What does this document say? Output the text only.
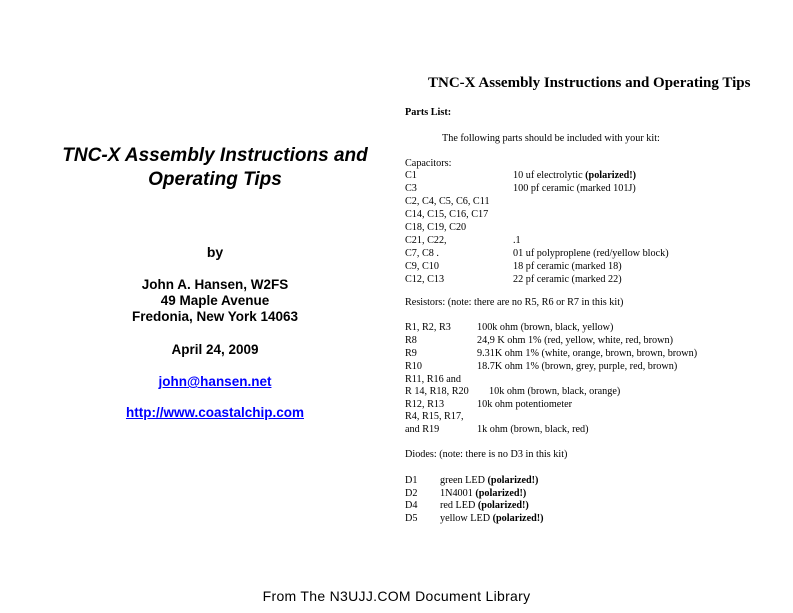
TNC-X Assembly Instructions and
Operating Tips
by
John A. Hansen, W2FS
49 Maple Avenue
Fredonia, New York 14063
April 24, 2009
john@hansen.net
http://www.coastalchip.com
TNC-X Assembly Instructions and Operating Tips
Parts List:
The following parts should be included with your kit:
Capacitors:
C1	10 uf electrolytic (polarized!)
C3	100 pf ceramic (marked 101J)
C2, C4, C5, C6, C11
C14, C15, C16, C17
C18, C19, C20
C21, C22,	.1
C7, C8 .	01 uf polyproplene (red/yellow block)
C9, C10	18 pf ceramic (marked 18)
C12, C13	22 pf ceramic (marked 22)
Resistors: (note: there are no R5, R6 or R7 in this kit)
R1, R2, R3	100k ohm (brown, black, yellow)
R8	24,9 K ohm 1% (red, yellow, white, red, brown)
R9	9.31K ohm 1% (white, orange, brown, brown, brown)
R10	18.7K ohm 1% (brown, grey, purple, red, brown)
R11, R16 and
R 14, R18, R20 10k ohm (brown, black, orange)
R12, R13	10k ohm potentiometer
R4, R15, R17,
and R19	1k ohm (brown, black, red)
Diodes: (note: there is no D3 in this kit)
D1 green LED (polarized!)
D2 1N4001 (polarized!)
D4 red LED (polarized!)
D5 yellow LED (polarized!)
From The N3UJJ.COM Document Library
